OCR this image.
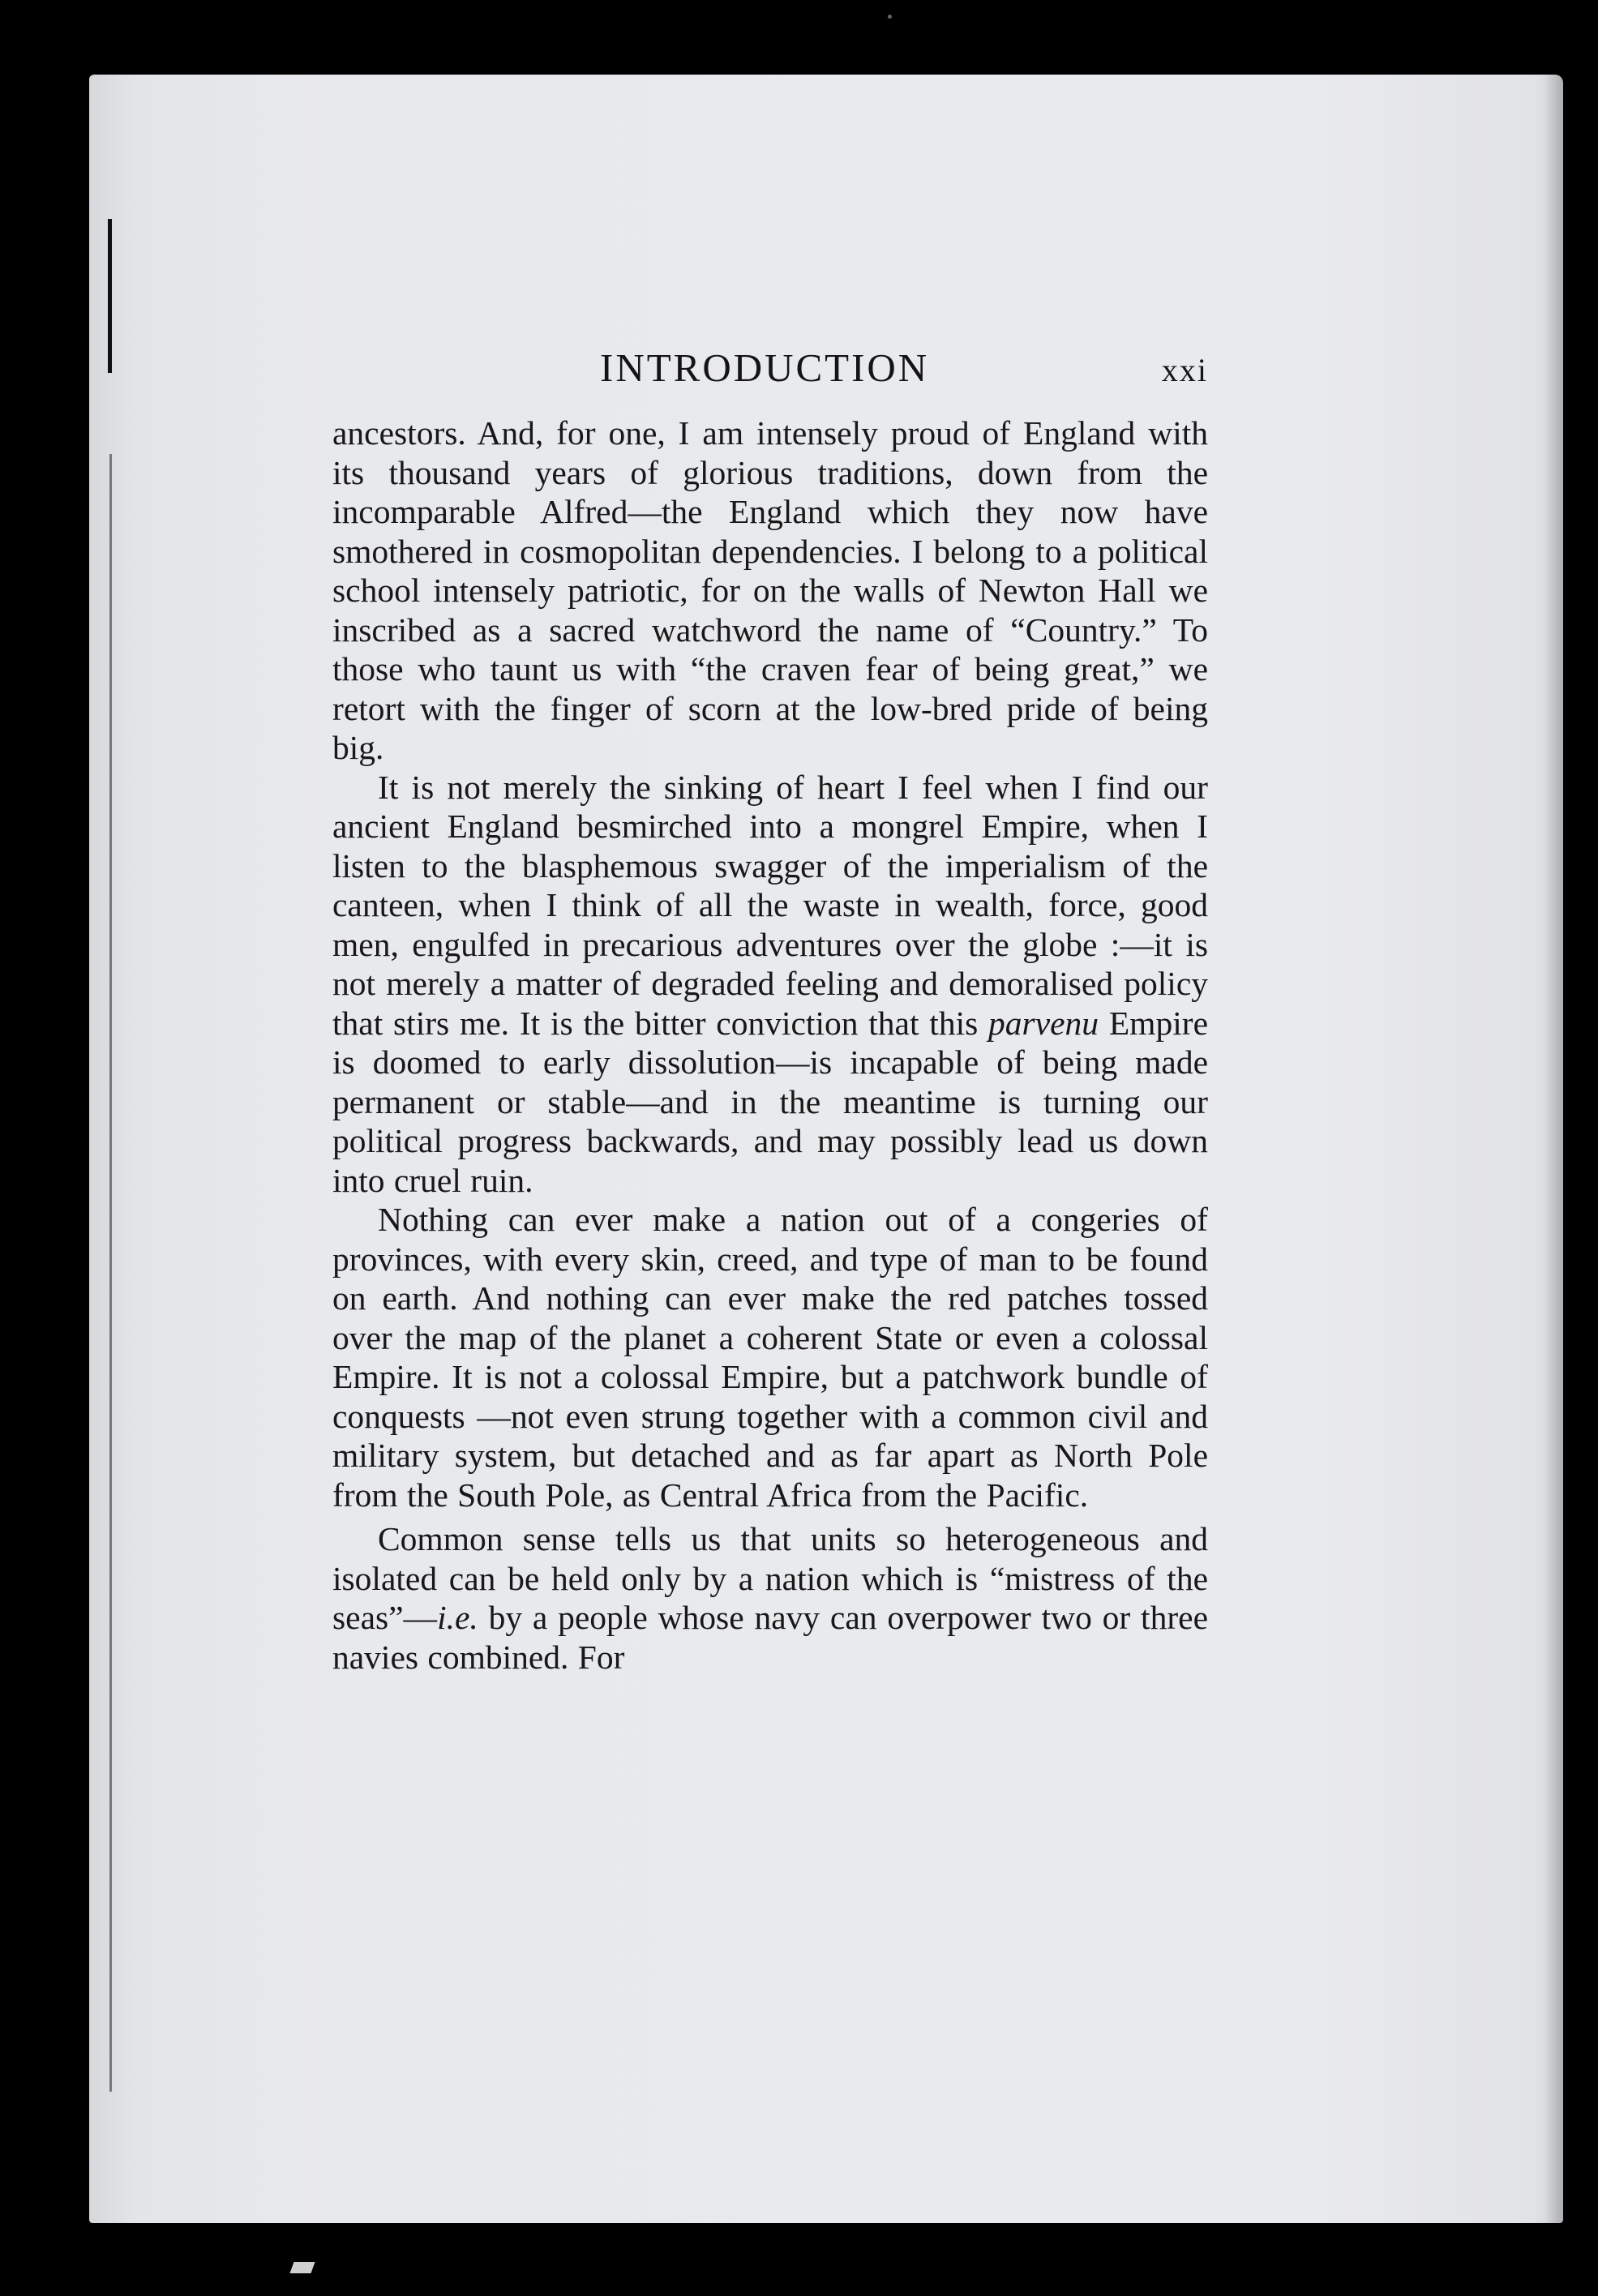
INTRODUCTION	xxi

ancestors. And, for one, I am intensely proud of England with its thousand years of glorious traditions, down from the incomparable Alfred—the England which they now have smothered in cosmopolitan dependencies. I belong to a political school intensely patriotic, for on the walls of Newton Hall we inscribed as a sacred watchword the name of “Country.” To those who taunt us with “the craven fear of being great,” we retort with the finger of scorn at the low-bred pride of being big.

It is not merely the sinking of heart I feel when I find our ancient England besmirched into a mongrel Empire, when I listen to the blasphemous swagger of the imperialism of the canteen, when I think of all the waste in wealth, force, good men, engulfed in precarious adventures over the globe :—it is not merely a matter of degraded feeling and demoralised policy that stirs me. It is the bitter conviction that this parvenu Empire is doomed to early dissolution—is incapable of being made permanent or stable—and in the meantime is turning our political progress backwards, and may possibly lead us down into cruel ruin.

Nothing can ever make a nation out of a congeries of provinces, with every skin, creed, and type of man to be found on earth. And nothing can ever make the red patches tossed over the map of the planet a coherent State or even a colossal Empire. It is not a colossal Empire, but a patchwork bundle of conquests —not even strung together with a common civil and military system, but detached and as far apart as North Pole from the South Pole, as Central Africa from the Pacific.

Common sense tells us that units so heterogeneous and isolated can be held only by a nation which is “mistress of the seas”—i.e. by a people whose navy can overpower two or three navies combined. For
